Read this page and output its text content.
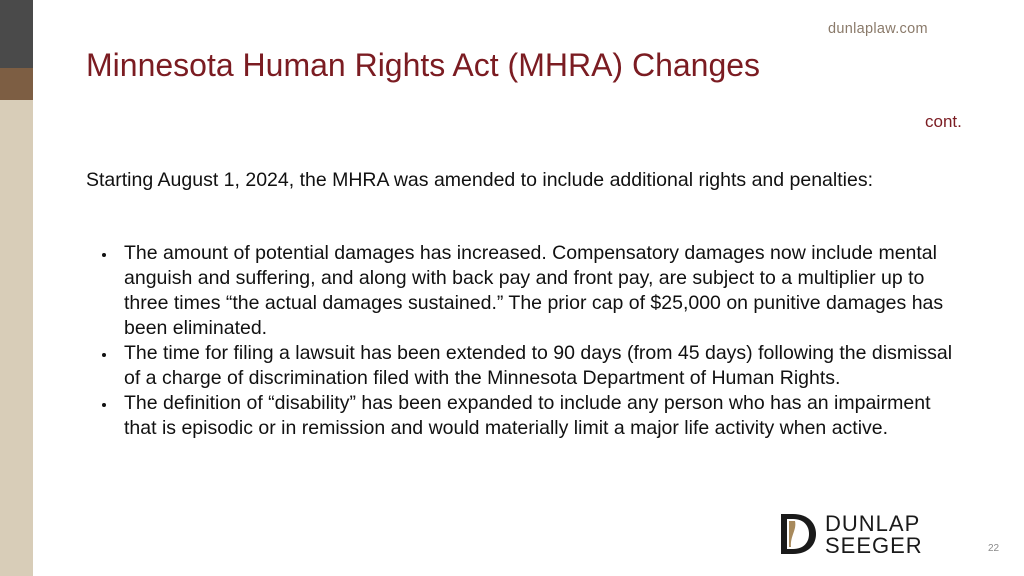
dunlaplaw.com
Minnesota Human Rights Act (MHRA) Changes
cont.

Starting August 1, 2024, the MHRA was amended to include additional rights and penalties:

The amount of potential damages has increased. Compensatory damages now include mental anguish and suffering, and along with back pay and front pay, are subject to a multiplier up to three times “the actual damages sustained.” The prior cap of $25,000 on punitive damages has been eliminated.
The time for filing a lawsuit has been extended to 90 days (from 45 days) following the dismissal of a charge of discrimination filed with the Minnesota Department of Human Rights.
The definition of “disability” has been expanded to include any person who has an impairment that is episodic or in remission and would materially limit a major life activity when active.
DUNLAP
SEEGER	22
